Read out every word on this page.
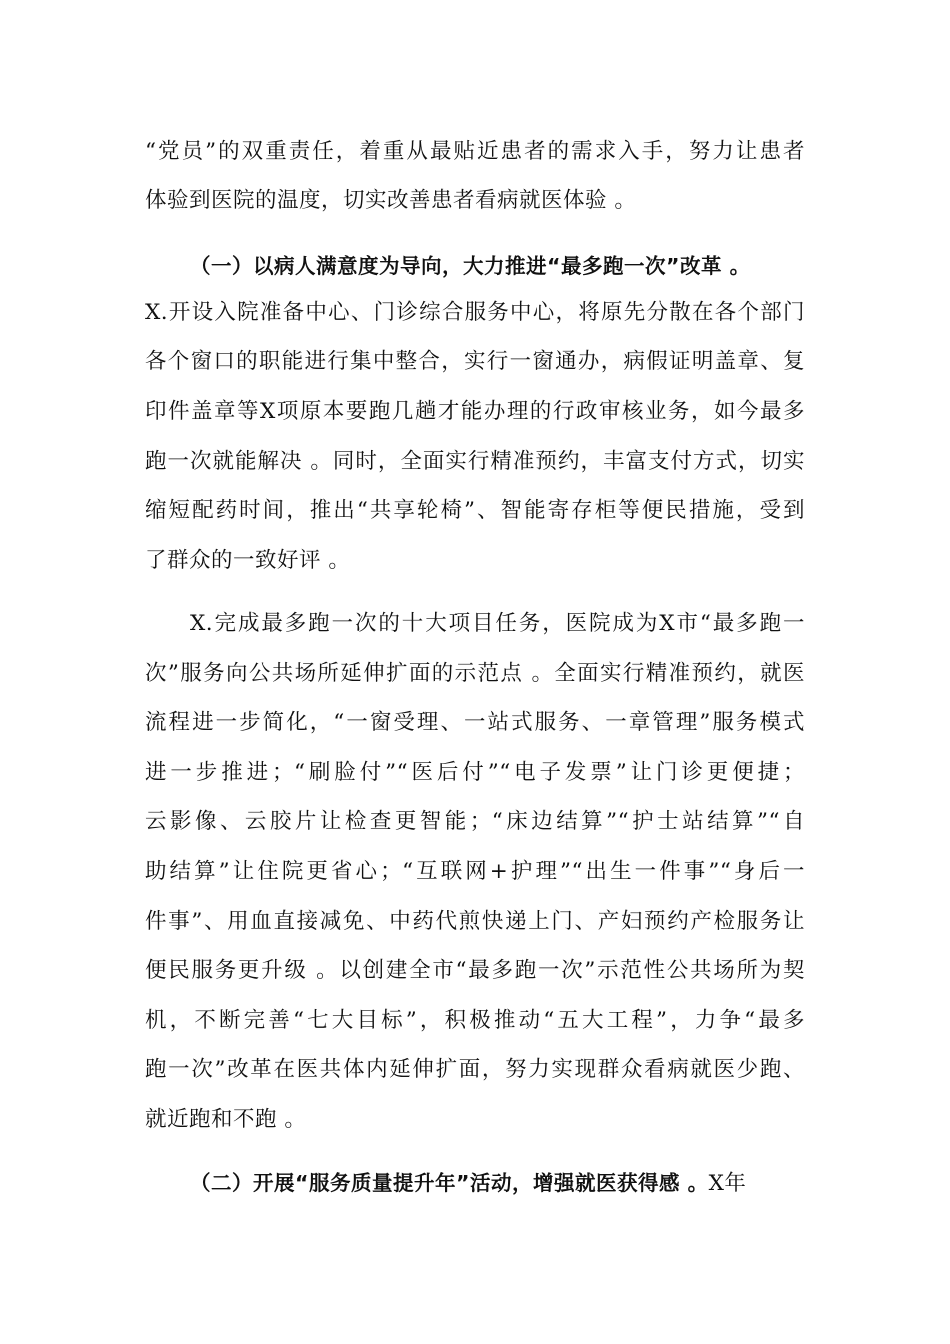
“党员”的双重责任，着重从最贴近患者的需求入手，努力让患者
体验到医院的温度，切实改善患者看病就医体验 。
（一）以病人满意度为导向，大力推进“最多跑一次”改革 。
X.开设入院准备中心、门诊综合服务中心，将原先分散在各个部门
各个窗口的职能进行集中整合，实行一窗通办，病假证明盖章、复
印件盖章等X项原本要跑几趟才能办理的行政审核业务，如今最多
跑一次就能解决 。同时，全面实行精准预约，丰富支付方式，切实
缩短配药时间，推出“共享轮椅”、智能寄存柜等便民措施，受到
了群众的一致好评 。
X.完成最多跑一次的十大项目任务，医院成为X市“最多跑一
次”服务向公共场所延伸扩面的示范点 。全面实行精准预约，就医
流程进一步简化，“一窗受理、一站式服务、一章管理”服务模式
进一步推进；“刷脸付”“医后付”“电子发票”让门诊更便捷；
云影像、云胶片让检查更智能；“床边结算”“护士站结算”“自
助结算”让住院更省心；“互联网+护理”“出生一件事”“身后一
件事”、用血直接减免、中药代煎快递上门、产妇预约产检服务让
便民服务更升级 。以创建全市“最多跑一次”示范性公共场所为契
机，不断完善“七大目标”，积极推动“五大工程”，力争“最多
跑一次”改革在医共体内延伸扩面，努力实现群众看病就医少跑、
就近跑和不跑 。
（二）开展“服务质量提升年”活动，增强就医获得感 。X年
